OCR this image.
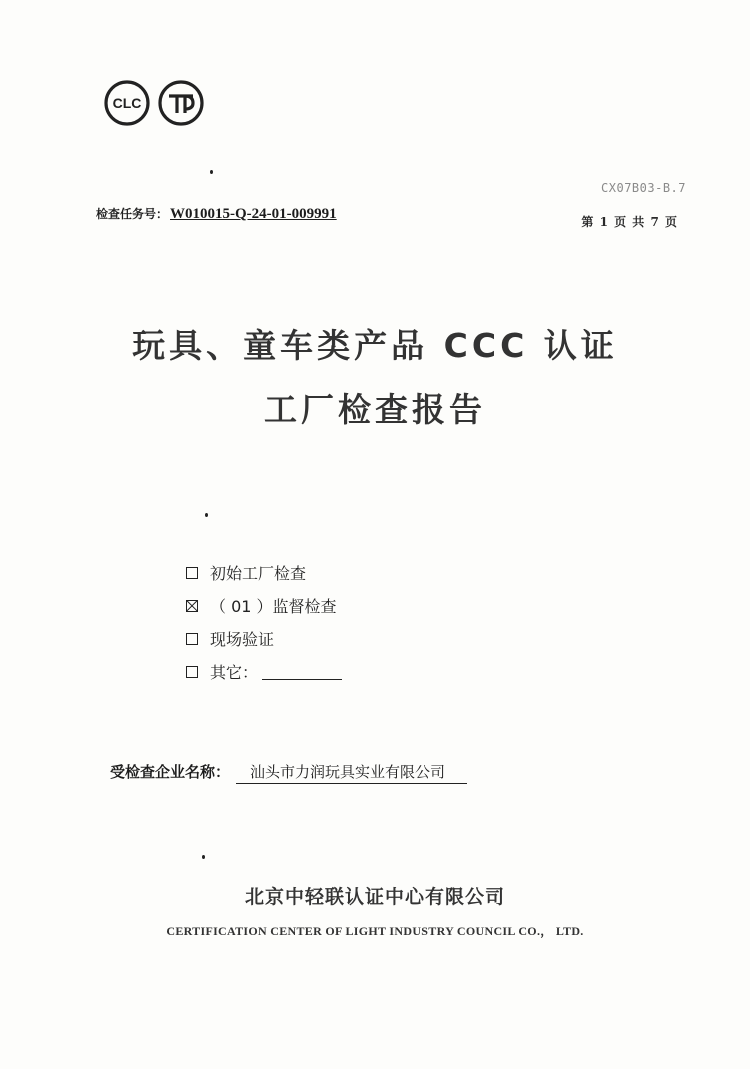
CLC
CX07B03-B.7
检查任务号： W010015-Q-24-01-009991	第 1 页 共 7 页
玩具、童车类产品 CCC 认证
工厂检查报告
初始工厂检查
（ 01 ）监督检查
现场验证
其它：
受检查企业名称：	汕头市力润玩具实业有限公司
北京中轻联认证中心有限公司
CERTIFICATION CENTER OF LIGHT INDUSTRY COUNCIL CO.， LTD.
